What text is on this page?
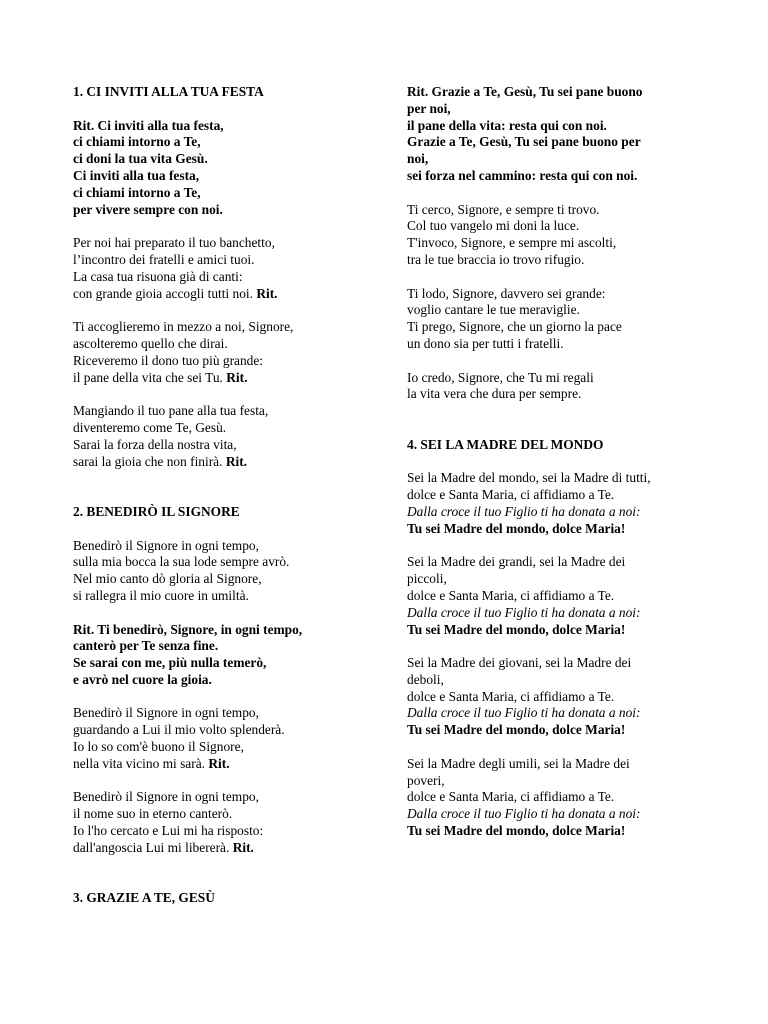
1. CI INVITI ALLA TUA FESTA
Rit. Ci inviti alla tua festa,
ci chiami intorno a Te,
ci doni la tua vita Gesù.
Ci inviti alla tua festa,
ci chiami intorno a Te,
per vivere sempre con noi.
Per noi hai preparato il tuo banchetto,
l’incontro dei fratelli e amici tuoi.
La casa tua risuona già di canti:
con grande gioia accogli tutti noi. Rit.
Ti accoglieremo in mezzo a noi, Signore,
ascolteremo quello che dirai.
Riceveremo il dono tuo più grande:
il pane della vita che sei Tu. Rit.
Mangiando il tuo pane alla tua festa,
diventeremo come Te, Gesù.
Sarai la forza della nostra vita,
sarai la gioia che non finirà. Rit.
2. BENEDIRÒ IL SIGNORE
Benedirò il Signore in ogni tempo,
sulla mia bocca la sua lode sempre avrò.
Nel mio canto dò gloria al Signore,
si rallegra il mio cuore in umiltà.
Rit. Ti benedirò, Signore, in ogni tempo,
canterò per Te senza fine.
Se sarai con me, più nulla temerò,
e avrò nel cuore la gioia.
Benedirò il Signore in ogni tempo,
guardando a Lui il mio volto splenderà.
Io lo so com'è buono il Signore,
nella vita vicino mi sarà. Rit.
Benedirò il Signore in ogni tempo,
il nome suo in eterno canterò.
Io l'ho cercato e Lui mi ha risposto:
dall'angoscia Lui mi libererà. Rit.
3. GRAZIE A TE, GESÙ
Rit. Grazie a Te, Gesù, Tu sei pane buono
per noi,
il pane della vita: resta qui con noi.
Grazie a Te, Gesù, Tu sei pane buono per
noi,
sei forza nel cammino: resta qui con noi.
Ti cerco, Signore, e sempre ti trovo.
Col tuo vangelo mi doni la luce.
T'invoco, Signore, e sempre mi ascolti,
tra le tue braccia io trovo rifugio.
Ti lodo, Signore, davvero sei grande:
voglio cantare le tue meraviglie.
Ti prego, Signore, che un giorno la pace
un dono sia per tutti i fratelli.
Io credo, Signore, che Tu mi regali
la vita vera che dura per sempre.
4. SEI LA MADRE DEL MONDO
Sei la Madre del mondo, sei la Madre di tutti,
dolce e Santa Maria, ci affidiamo a Te.
Dalla croce il tuo Figlio ti ha donata a noi:
Tu sei Madre del mondo, dolce Maria!
Sei la Madre dei grandi, sei la Madre dei
piccoli,
dolce e Santa Maria, ci affidiamo a Te.
Dalla croce il tuo Figlio ti ha donata a noi:
Tu sei Madre del mondo, dolce Maria!
Sei la Madre dei giovani, sei la Madre dei
deboli,
dolce e Santa Maria, ci affidiamo a Te.
Dalla croce il tuo Figlio ti ha donata a noi:
Tu sei Madre del mondo, dolce Maria!
Sei la Madre degli umili, sei la Madre dei
poveri,
dolce e Santa Maria, ci affidiamo a Te.
Dalla croce il tuo Figlio ti ha donata a noi:
Tu sei Madre del mondo, dolce Maria!
